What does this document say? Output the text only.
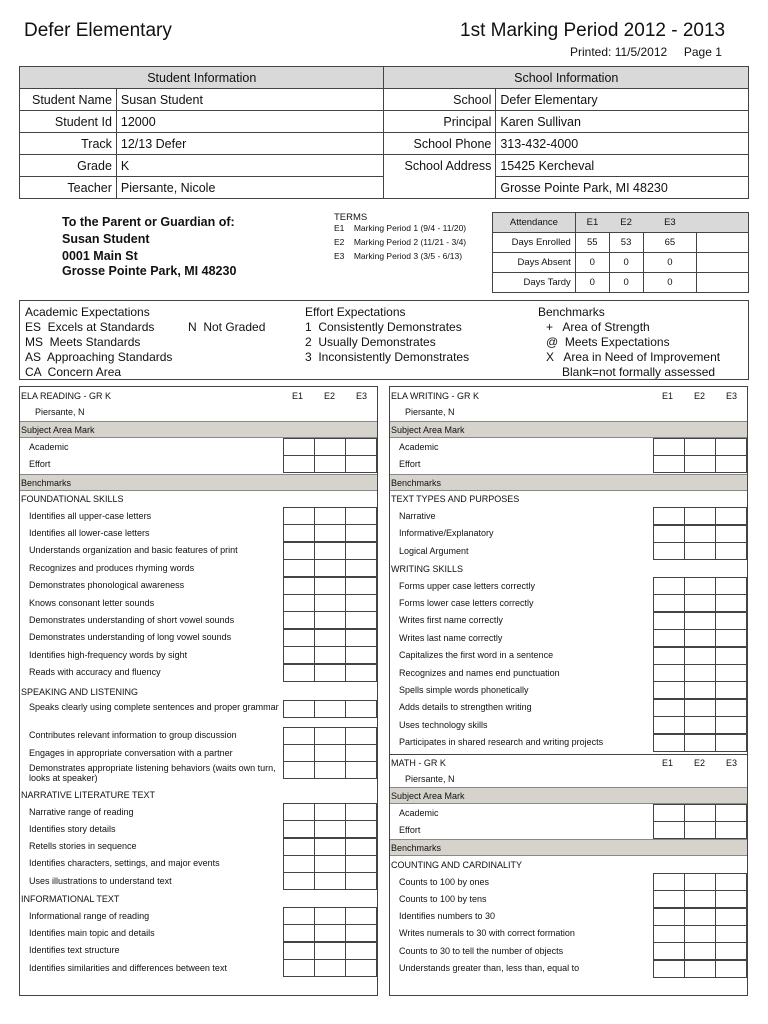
Defer Elementary	1st Marking Period 2012 - 2013
Printed: 11/5/2012     Page 1
Student Information		School Information	
Student Name	Susan Student	School	Defer Elementary
Student Id	12000	Principal	Karen Sullivan
Track	12/13 Defer	School Phone	313-432-4000
Grade	K	School Address	15425 Kercheval
Teacher	Piersante, Nicole		Grosse Pointe Park, MI 48230
To the Parent or Guardian of:
Susan Student
0001 Main St
Grosse Pointe Park, MI 48230
TERMS
E1    Marking Period 1 (9/4 - 11/20)
E2    Marking Period 2 (11/21 - 3/4)
E3    Marking Period 3 (3/5 - 6/13)
Attendance	E1	E2	E3	
Days Enrolled	55	53	65	
Days Absent	0	0	0	
Days Tardy	0	0	0	
Academic Expectations
ES  Excels at Standards	N  Not Graded
MS  Meets Standards
AS  Approaching Standards
CA  Concern Area
Effort Expectations
1  Consistently Demonstrates
2  Usually Demonstrates
3  Inconsistently Demonstrates
Benchmarks
+   Area of Strength
@  Meets Expectations
X   Area in Need of Improvement
Blank=not formally assessed
ELA READING - GR K	E1 E2 E3
Piersante, N
Subject Area Mark
Academic
Effort
Benchmarks
FOUNDATIONAL SKILLS
Identifies all upper-case letters
Identifies all lower-case letters
Understands organization and basic features of print
Recognizes and produces rhyming words
Demonstrates phonological awareness
Knows consonant letter sounds
Demonstrates understanding of short vowel sounds
Demonstrates understanding of long vowel sounds
Identifies high-frequency words by sight
Reads with accuracy and fluency
SPEAKING AND LISTENING
Speaks clearly using complete sentences and proper grammar
Contributes relevant information to group discussion
Engages in appropriate conversation with a partner
Demonstrates appropriate listening behaviors (waits own turn, looks at speaker)
NARRATIVE LITERATURE TEXT
Narrative range of reading
Identifies story details
Retells stories in sequence
Identifies characters, settings, and major events
Uses illustrations to understand text
INFORMATIONAL TEXT
Informational range of reading
Identifies main topic and details
Identifies text structure
Identifies similarities and differences between text
ELA WRITING - GR K	E1 E2 E3
Piersante, N
Subject Area Mark
Academic
Effort
Benchmarks
TEXT TYPES AND PURPOSES
Narrative
Informative/Explanatory
Logical Argument
WRITING SKILLS
Forms upper case letters correctly
Forms lower case letters correctly
Writes first name correctly
Writes last name correctly
Capitalizes the first word in a sentence
Recognizes and names end punctuation
Spells simple words phonetically
Adds details to strengthen writing
Uses technology skills
Participates in shared research and writing projects
MATH - GR K	E1 E2 E3
Piersante, N
Subject Area Mark
Academic
Effort
Benchmarks
COUNTING AND CARDINALITY
Counts to 100 by ones
Counts to 100 by tens
Identifies numbers to 30
Writes numerals to 30 with correct formation
Counts to 30 to tell the number of objects
Understands greater than, less than, equal to
